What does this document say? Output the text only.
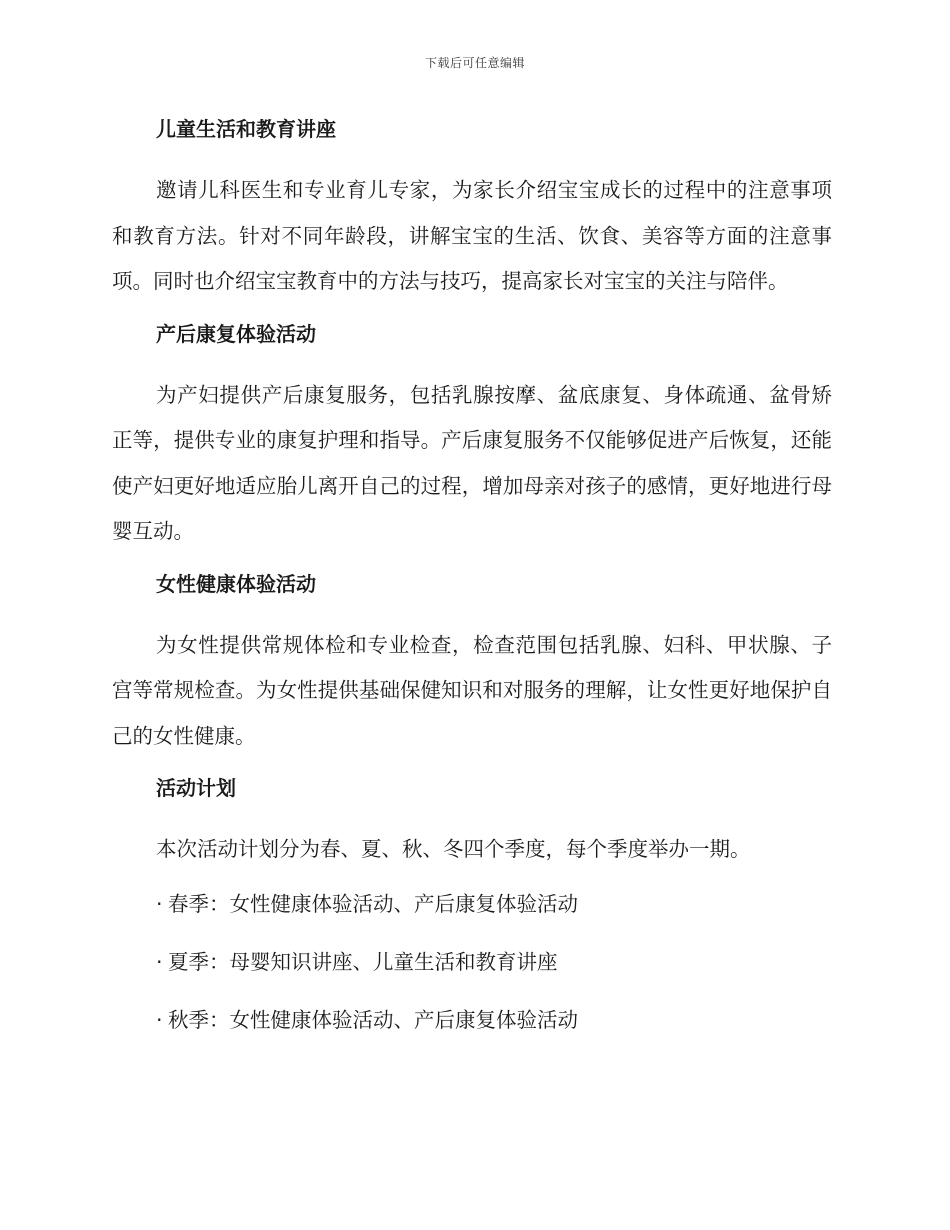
下载后可任意编辑
儿童生活和教育讲座

邀请儿科医生和专业育儿专家，为家长介绍宝宝成长的过程中的注意事项和教育方法。针对不同年龄段，讲解宝宝的生活、饮食、美容等方面的注意事项。同时也介绍宝宝教育中的方法与技巧，提高家长对宝宝的关注与陪伴。

产后康复体验活动

为产妇提供产后康复服务，包括乳腺按摩、盆底康复、身体疏通、盆骨矫正等，提供专业的康复护理和指导。产后康复服务不仅能够促进产后恢复，还能使产妇更好地适应胎儿离开自己的过程，增加母亲对孩子的感情，更好地进行母婴互动。

女性健康体验活动

为女性提供常规体检和专业检查，检查范围包括乳腺、妇科、甲状腺、子宫等常规检查。为女性提供基础保健知识和对服务的理解，让女性更好地保护自己的女性健康。

活动计划

本次活动计划分为春、夏、秋、冬四个季度，每个季度举办一期。

· 春季：女性健康体验活动、产后康复体验活动
· 夏季：母婴知识讲座、儿童生活和教育讲座
· 秋季：女性健康体验活动、产后康复体验活动
